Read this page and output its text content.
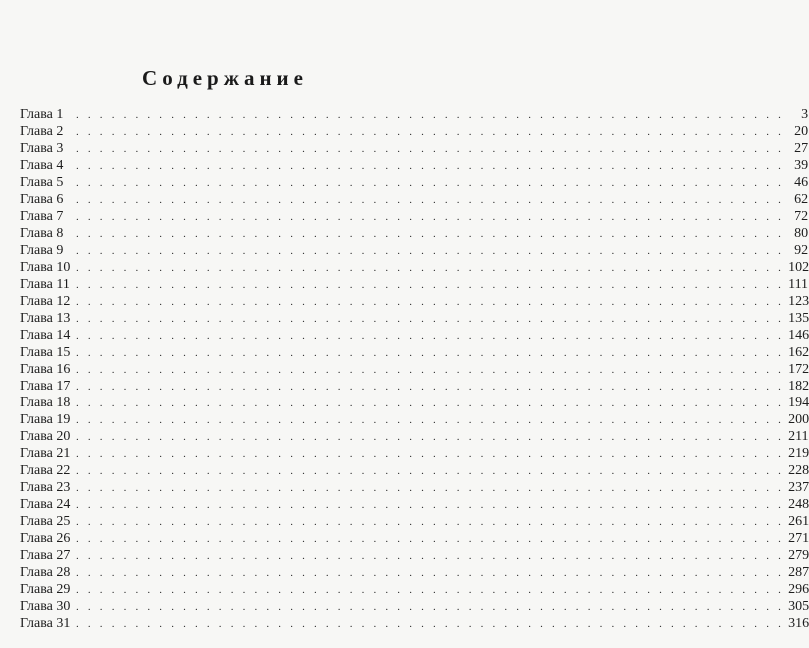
Содержание
Глава 1	. . . . . . . . . . . . . . . . . . . . . . . . . . . . . . . . . . . . . . . . . . . . . . . . . . . . . . . . . . . .	3
Глава 2	. . . . . . . . . . . . . . . . . . . . . . . . . . . . . . . . . . . . . . . . . . . . . . . . . . . . . . . . . . . . 20
Глава 3	. . . . . . . . . . . . . . . . . . . . . . . . . . . . . . . . . . . . . . . . . . . . . . . . . . . . . . . . . . . . 27
Глава 4	. . . . . . . . . . . . . . . . . . . . . . . . . . . . . . . . . . . . . . . . . . . . . . . . . . . . . . . . . . . . 39
Глава 5	. . . . . . . . . . . . . . . . . . . . . . . . . . . . . . . . . . . . . . . . . . . . . . . . . . . . . . . . . . . . 46
Глава 6	. . . . . . . . . . . . . . . . . . . . . . . . . . . . . . . . . . . . . . . . . . . . . . . . . . . . . . . . . . . . 62
Глава 7	. . . . . . . . . . . . . . . . . . . . . . . . . . . . . . . . . . . . . . . . . . . . . . . . . . . . . . . . . . . . 72
Глава 8	. . . . . . . . . . . . . . . . . . . . . . . . . . . . . . . . . . . . . . . . . . . . . . . . . . . . . . . . . . . . 80
Глава 9	. . . . . . . . . . . . . . . . . . . . . . . . . . . . . . . . . . . . . . . . . . . . . . . . . . . . . . . . . . . . 92
Глава 10 . . . . . . . . . . . . . . . . . . . . . . . . . . . . . . . . . . . . . . . . . . . . . . . . . . . . . . . . . . . . 102
Глава 11 . . . . . . . . . . . . . . . . . . . . . . . . . . . . . . . . . . . . . . . . . . . . . . . . . . . . . . . . . . . . 111
Глава 12 . . . . . . . . . . . . . . . . . . . . . . . . . . . . . . . . . . . . . . . . . . . . . . . . . . . . . . . . . . . . 123
Глава 13 . . . . . . . . . . . . . . . . . . . . . . . . . . . . . . . . . . . . . . . . . . . . . . . . . . . . . . . . . . . . 135
Глава 14 . . . . . . . . . . . . . . . . . . . . . . . . . . . . . . . . . . . . . . . . . . . . . . . . . . . . . . . . . . . . 146
Глава 15 . . . . . . . . . . . . . . . . . . . . . . . . . . . . . . . . . . . . . . . . . . . . . . . . . . . . . . . . . . . . 162
Глава 16 . . . . . . . . . . . . . . . . . . . . . . . . . . . . . . . . . . . . . . . . . . . . . . . . . . . . . . . . . . . . 172
Глава 17 . . . . . . . . . . . . . . . . . . . . . . . . . . . . . . . . . . . . . . . . . . . . . . . . . . . . . . . . . . . . 182
Глава 18 . . . . . . . . . . . . . . . . . . . . . . . . . . . . . . . . . . . . . . . . . . . . . . . . . . . . . . . . . . . . 194
Глава 19 . . . . . . . . . . . . . . . . . . . . . . . . . . . . . . . . . . . . . . . . . . . . . . . . . . . . . . . . . . . . 200
Глава 20 . . . . . . . . . . . . . . . . . . . . . . . . . . . . . . . . . . . . . . . . . . . . . . . . . . . . . . . . . . . . 211
Глава 21 . . . . . . . . . . . . . . . . . . . . . . . . . . . . . . . . . . . . . . . . . . . . . . . . . . . . . . . . . . . . 219
Глава 22 . . . . . . . . . . . . . . . . . . . . . . . . . . . . . . . . . . . . . . . . . . . . . . . . . . . . . . . . . . . . 228
Глава 23 . . . . . . . . . . . . . . . . . . . . . . . . . . . . . . . . . . . . . . . . . . . . . . . . . . . . . . . . . . . . 237
Глава 24 . . . . . . . . . . . . . . . . . . . . . . . . . . . . . . . . . . . . . . . . . . . . . . . . . . . . . . . . . . . . 248
Глава 25 . . . . . . . . . . . . . . . . . . . . . . . . . . . . . . . . . . . . . . . . . . . . . . . . . . . . . . . . . . . . 261
Глава 26 . . . . . . . . . . . . . . . . . . . . . . . . . . . . . . . . . . . . . . . . . . . . . . . . . . . . . . . . . . . . 271
Глава 27 . . . . . . . . . . . . . . . . . . . . . . . . . . . . . . . . . . . . . . . . . . . . . . . . . . . . . . . . . . . . 279
Глава 28 . . . . . . . . . . . . . . . . . . . . . . . . . . . . . . . . . . . . . . . . . . . . . . . . . . . . . . . . . . . . 287
Глава 29 . . . . . . . . . . . . . . . . . . . . . . . . . . . . . . . . . . . . . . . . . . . . . . . . . . . . . . . . . . . . 296
Глава 30 . . . . . . . . . . . . . . . . . . . . . . . . . . . . . . . . . . . . . . . . . . . . . . . . . . . . . . . . . . . . 305
Глава 31 . . . . . . . . . . . . . . . . . . . . . . . . . . . . . . . . . . . . . . . . . . . . . . . . . . . . . . . . . . . . 316
